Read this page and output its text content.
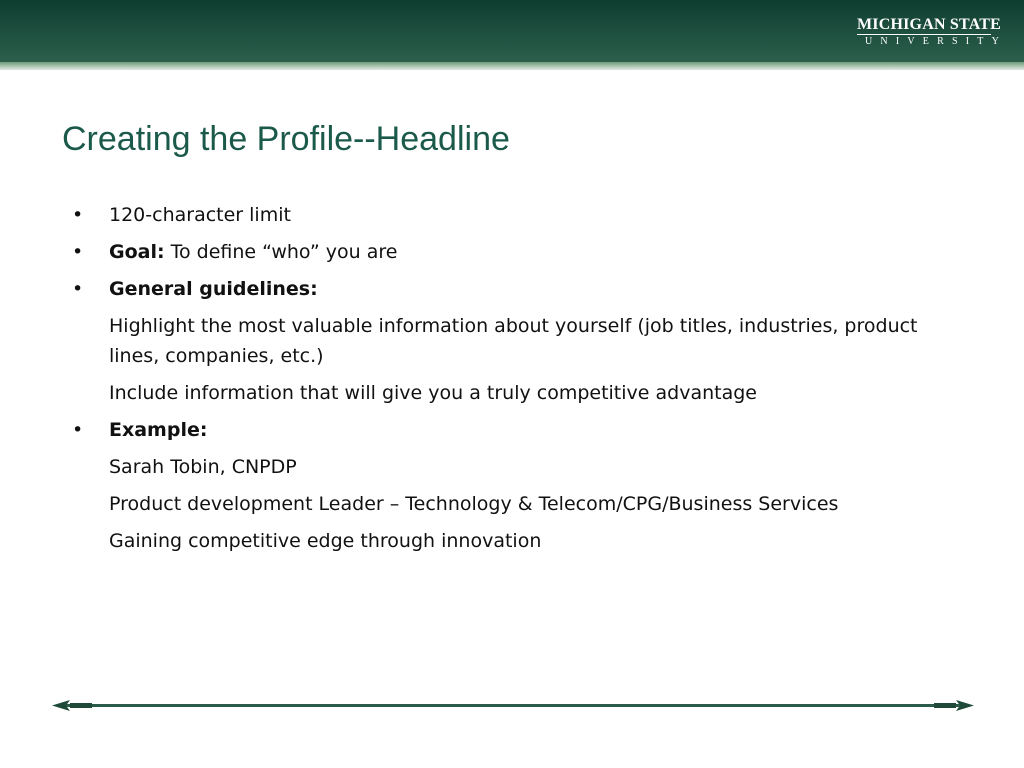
MICHIGAN STATE
UNIVERSITY
Creating the Profile--Headline
• 120-character limit
• Goal: To define “who” you are
• General guidelines:
Highlight the most valuable information about yourself (job titles, industries, product lines, companies, etc.)
Include information that will give you a truly competitive advantage
• Example:
Sarah Tobin, CNPDP
Product development Leader – Technology & Telecom/CPG/Business Services
Gaining competitive edge through innovation
